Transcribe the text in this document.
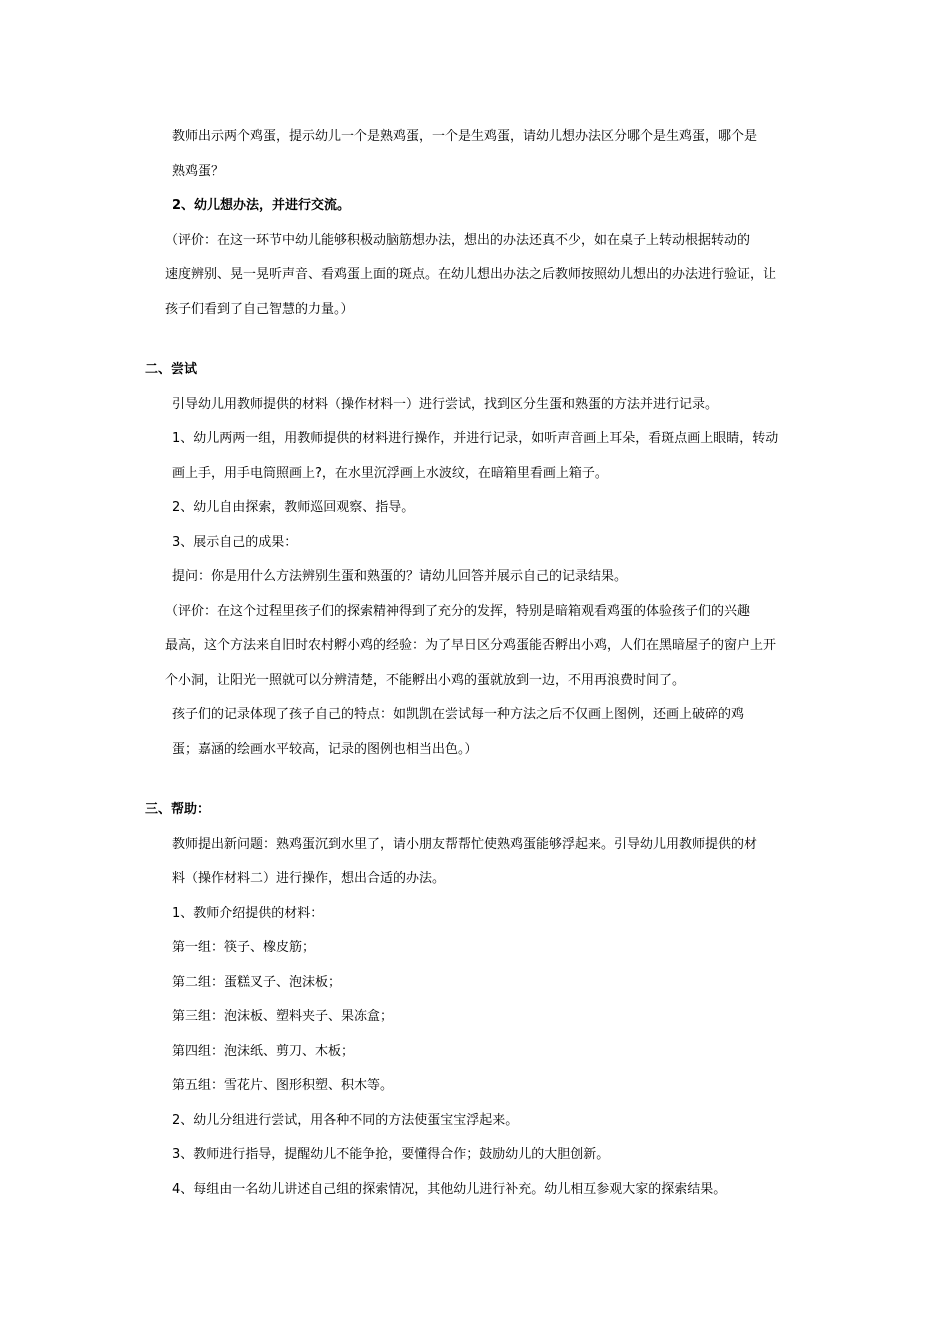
教师出示两个鸡蛋，提示幼儿一个是熟鸡蛋，一个是生鸡蛋，请幼儿想办法区分哪个是生鸡蛋，哪个是
熟鸡蛋？

2、幼儿想办法，并进行交流。

（评价：在这一环节中幼儿能够积极动脑筋想办法，想出的办法还真不少，如在桌子上转动根据转动的
速度辨别、晃一晃听声音、看鸡蛋上面的斑点。在幼儿想出办法之后教师按照幼儿想出的办法进行验证，让
孩子们看到了自己智慧的力量。）

二、尝试

引导幼儿用教师提供的材料（操作材料一）进行尝试，找到区分生蛋和熟蛋的方法并进行记录。

1、幼儿两两一组，用教师提供的材料进行操作，并进行记录，如听声音画上耳朵，看斑点画上眼睛，转动
画上手，用手电筒照画上?，在水里沉浮画上水波纹，在暗箱里看画上箱子。

2、幼儿自由探索，教师巡回观察、指导。

3、展示自己的成果：

提问：你是用什么方法辨别生蛋和熟蛋的？请幼儿回答并展示自己的记录结果。

（评价：在这个过程里孩子们的探索精神得到了充分的发挥，特别是暗箱观看鸡蛋的体验孩子们的兴趣
最高，这个方法来自旧时农村孵小鸡的经验：为了早日区分鸡蛋能否孵出小鸡，人们在黑暗屋子的窗户上开
个小洞，让阳光一照就可以分辨清楚，不能孵出小鸡的蛋就放到一边，不用再浪费时间了。

孩子们的记录体现了孩子自己的特点：如凯凯在尝试每一种方法之后不仅画上图例，还画上破碎的鸡
蛋；嘉涵的绘画水平较高，记录的图例也相当出色。）

三、帮助：

教师提出新问题：熟鸡蛋沉到水里了，请小朋友帮帮忙使熟鸡蛋能够浮起来。引导幼儿用教师提供的材
料（操作材料二）进行操作，想出合适的办法。

1、教师介绍提供的材料：

第一组：筷子、橡皮筋；

第二组：蛋糕叉子、泡沫板；

第三组：泡沫板、塑料夹子、果冻盒；

第四组：泡沫纸、剪刀、木板；

第五组：雪花片、图形积塑、积木等。

2、幼儿分组进行尝试，用各种不同的方法使蛋宝宝浮起来。

3、教师进行指导，提醒幼儿不能争抢，要懂得合作；鼓励幼儿的大胆创新。

4、每组由一名幼儿讲述自己组的探索情况，其他幼儿进行补充。幼儿相互参观大家的探索结果。
